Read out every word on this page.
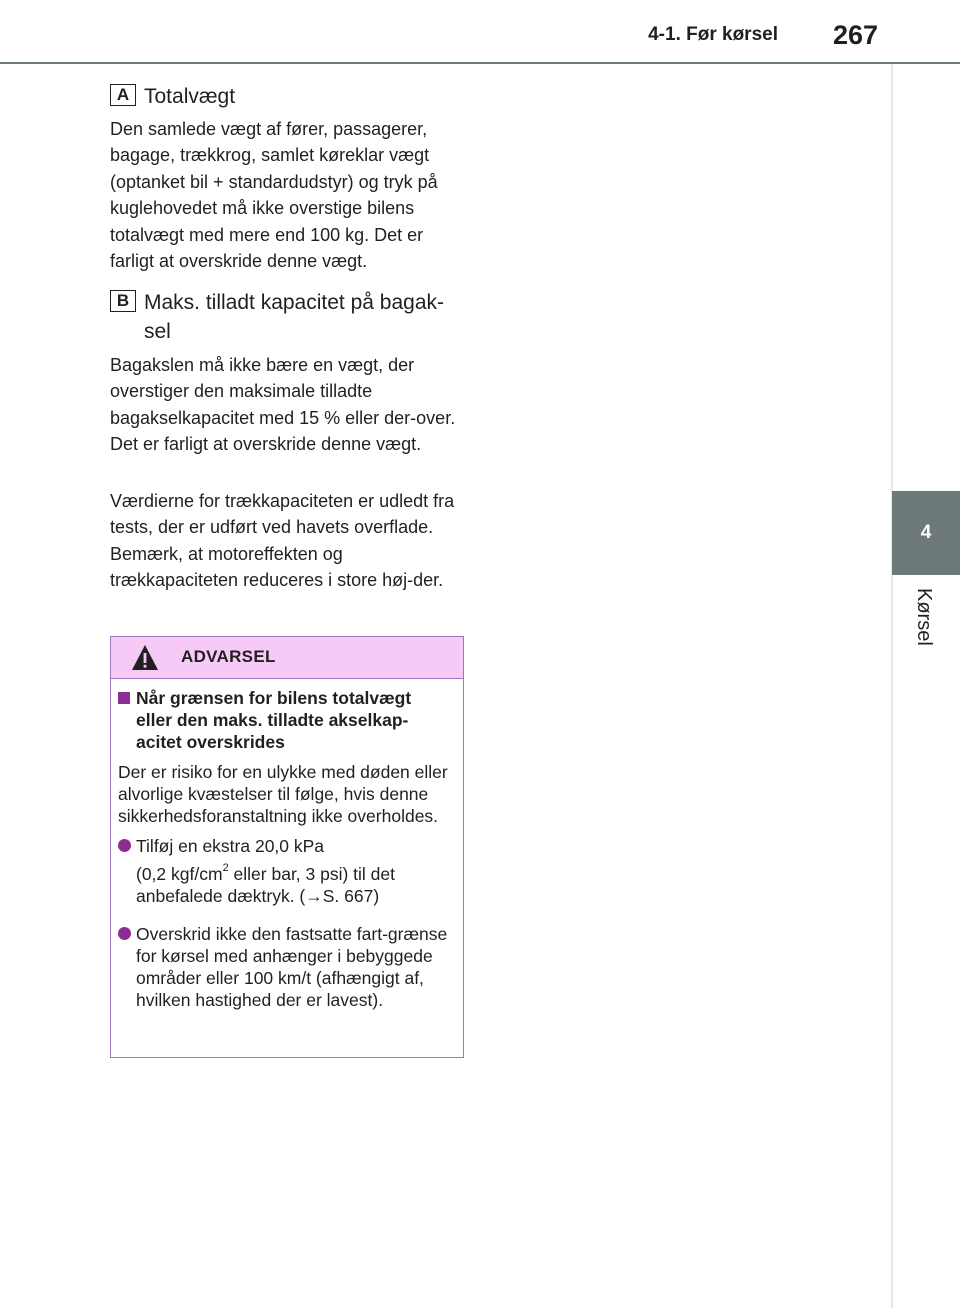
4-1. Før kørsel 267
4
Kørsel
A Totalvægt

Den samlede vægt af fører, passagerer, bagage, trækkrog, samlet køreklar vægt (optanket bil + standardudstyr) og tryk på kuglehovedet må ikke overstige bilens totalvægt med mere end 100 kg. Det er farligt at overskride denne vægt.

B Maks. tilladt kapacitet på bagak-sel

Bagakslen må ikke bære en vægt, der overstiger den maksimale tilladte bagakselkapacitet med 15 % eller der-over. Det er farligt at overskride denne vægt.

Værdierne for trækkapaciteten er udledt fra tests, der er udført ved havets overflade. Bemærk, at motoreffekten og trækkapaciteten reduceres i store høj-der.

ADVARSEL
Når grænsen for bilens totalvægt eller den maks. tilladte akselkap-acitet overskrides

Der er risiko for en ulykke med døden eller alvorlige kvæstelser til følge, hvis denne sikkerhedsforanstaltning ikke overholdes.

Tilføj en ekstra 20,0 kPa

(0,2 kgf/$cm^2$ eller bar, 3 psi) til det anbefalede dæktryk. (→S. 667)

Overskrid ikke den fastsatte fart-grænse for kørsel med anhænger i bebyggede områder eller 100 km/t (afhængigt af, hvilken hastighed der er lavest).
